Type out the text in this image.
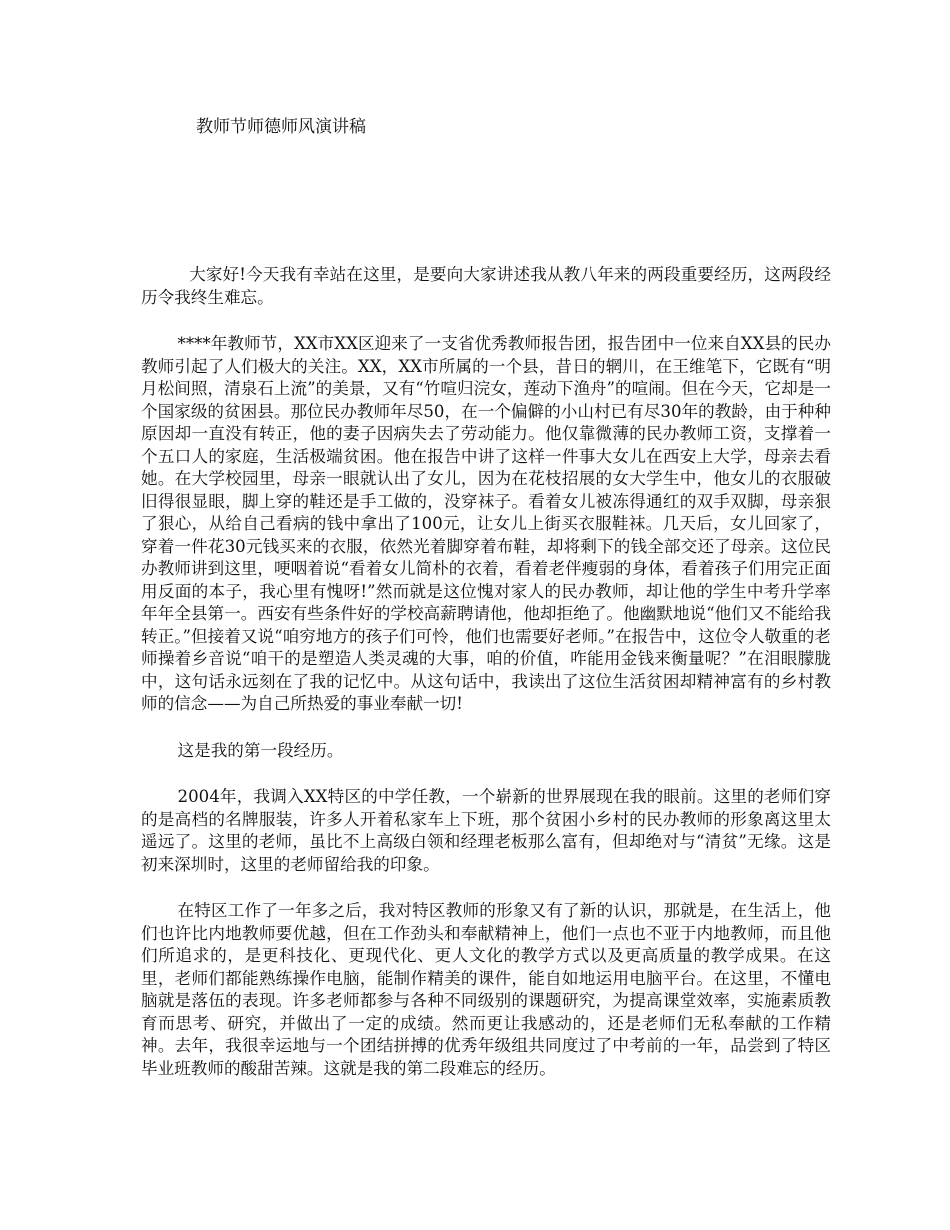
教师节师德师风演讲稿

大家好!今天我有幸站在这里，是要向大家讲述我从教八年来的两段重要经历，这两段经历令我终生难忘。

****年教师节，XX市XX区迎来了一支省优秀教师报告团，报告团中一位来自XX县的民办教师引起了人们极大的关注。XX，XX市所属的一个县，昔日的辋川，在王维笔下，它既有“明月松间照，清泉石上流”的美景，又有“竹喧归浣女，莲动下渔舟”的喧闹。但在今天，它却是一个国家级的贫困县。那位民办教师年尽50，在一个偏僻的小山村已有尽30年的教龄，由于种种原因却一直没有转正，他的妻子因病失去了劳动能力。他仅靠微薄的民办教师工资，支撑着一个五口人的家庭，生活极端贫困。他在报告中讲了这样一件事大女儿在西安上大学，母亲去看她。在大学校园里，母亲一眼就认出了女儿，因为在花枝招展的女大学生中，他女儿的衣服破旧得很显眼，脚上穿的鞋还是手工做的，没穿袜子。看着女儿被冻得通红的双手双脚，母亲狠了狠心，从给自己看病的钱中拿出了100元，让女儿上街买衣服鞋袜。几天后，女儿回家了，穿着一件花30元钱买来的衣服，依然光着脚穿着布鞋，却将剩下的钱全部交还了母亲。这位民办教师讲到这里，哽咽着说“看着女儿简朴的衣着，看着老伴瘦弱的身体，看着孩子们用完正面用反面的本子，我心里有愧呀!”然而就是这位愧对家人的民办教师，却让他的学生中考升学率年年全县第一。西安有些条件好的学校高薪聘请他，他却拒绝了。他幽默地说“他们又不能给我转正。”但接着又说“咱穷地方的孩子们可怜，他们也需要好老师。”在报告中，这位令人敬重的老师操着乡音说“咱干的是塑造人类灵魂的大事，咱的价值，咋能用金钱来衡量呢？”在泪眼朦胧中，这句话永远刻在了我的记忆中。从这句话中，我读出了这位生活贫困却精神富有的乡村教师的信念——为自己所热爱的事业奉献一切!

这是我的第一段经历。

2004年，我调入XX特区的中学任教，一个崭新的世界展现在我的眼前。这里的老师们穿的是高档的名牌服装，许多人开着私家车上下班，那个贫困小乡村的民办教师的形象离这里太遥远了。这里的老师，虽比不上高级白领和经理老板那么富有，但却绝对与“清贫”无缘。这是初来深圳时，这里的老师留给我的印象。

在特区工作了一年多之后，我对特区教师的形象又有了新的认识，那就是，在生活上，他们也许比内地教师要优越，但在工作劲头和奉献精神上，他们一点也不亚于内地教师，而且他们所追求的，是更科技化、更现代化、更人文化的教学方式以及更高质量的教学成果。在这里，老师们都能熟练操作电脑，能制作精美的课件，能自如地运用电脑平台。在这里，不懂电脑就是落伍的表现。许多老师都参与各种不同级别的课题研究，为提高课堂效率，实施素质教育而思考、研究，并做出了一定的成绩。然而更让我感动的，还是老师们无私奉献的工作精神。去年，我很幸运地与一个团结拼搏的优秀年级组共同度过了中考前的一年，品尝到了特区毕业班教师的酸甜苦辣。这就是我的第二段难忘的经历。
